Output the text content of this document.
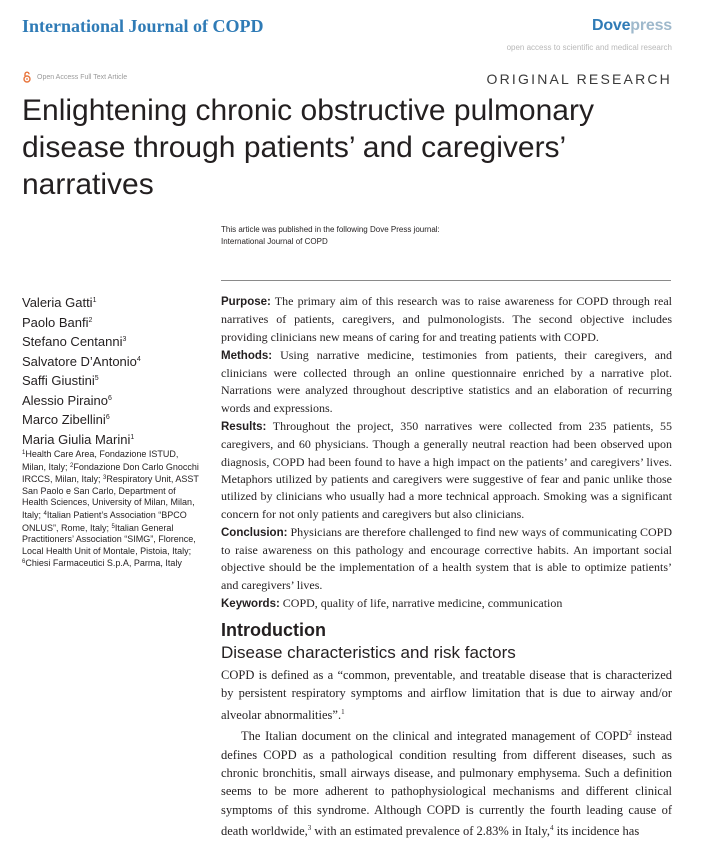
International Journal of COPD	Dovepress
open access to scientific and medical research
Open Access Full Text Article	ORIGINAL RESEARCH
Enlightening chronic obstructive pulmonary disease through patients’ and caregivers’ narratives
This article was published in the following Dove Press journal:
International Journal of COPD
Valeria Gatti$^1$
Paolo Banfi$^2$
Stefano Centanni$^3$
Salvatore D’Antonio$^4$
Saffi Giustini$^5$
Alessio Piraino$^6$
Marco Zibellini$^6$
Maria Giulia Marini$^1$
$^1$Health Care Area, Fondazione ISTUD, Milan, Italy; $^2$Fondazione Don Carlo Gnocchi IRCCS, Milan, Italy; $^3$Respiratory Unit, ASST San Paolo e San Carlo, Department of Health Sciences, University of Milan, Milan, Italy; $^4$Italian Patient’s Association “BPCO ONLUS”, Rome, Italy; $^5$Italian General Practitioners’ Association “SIMG”, Florence, Local Health Unit of Montale, Pistoia, Italy; $^6$Chiesi Farmaceutici S.p.A, Parma, Italy

Purpose: The primary aim of this research was to raise awareness for COPD through real narratives of patients, caregivers, and pulmonologists. The second objective includes providing clinicians new means of caring for and treating patients with COPD.

Methods: Using narrative medicine, testimonies from patients, their caregivers, and clinicians were collected through an online questionnaire enriched by a narrative plot. Narrations were analyzed throughout descriptive statistics and an elaboration of recurring words and expressions.

Results: Throughout the project, 350 narratives were collected from 235 patients, 55 caregivers, and 60 physicians. Though a generally neutral reaction had been observed upon diagnosis, COPD had been found to have a high impact on the patients’ and caregivers’ lives. Metaphors utilized by patients and caregivers were suggestive of fear and panic unlike those utilized by clinicians who usually had a more technical approach. Smoking was a significant concern for not only patients and caregivers but also clinicians.

Conclusion: Physicians are therefore challenged to find new ways of communicating COPD to raise awareness on this pathology and encourage corrective habits. An important social objective should be the implementation of a health system that is able to optimize patients’ and caregivers’ lives.

Keywords: COPD, quality of life, narrative medicine, communication

Introduction
Disease characteristics and risk factors

COPD is defined as a “common, preventable, and treatable disease that is characterized by persistent respiratory symptoms and airflow limitation that is due to airway and/or alveolar abnormalities”.$^1$

The Italian document on the clinical and integrated management of COPD$^2$ instead defines COPD as a pathological condition resulting from different diseases, such as chronic bronchitis, small airways disease, and pulmonary emphysema. Such a definition seems to be more adherent to pathophysiological mechanisms and different clinical symptoms of this syndrome. Although COPD is currently the fourth leading cause of death worldwide,$^3$ with an estimated prevalence of 2.83% in Italy,$^4$ its incidence has
